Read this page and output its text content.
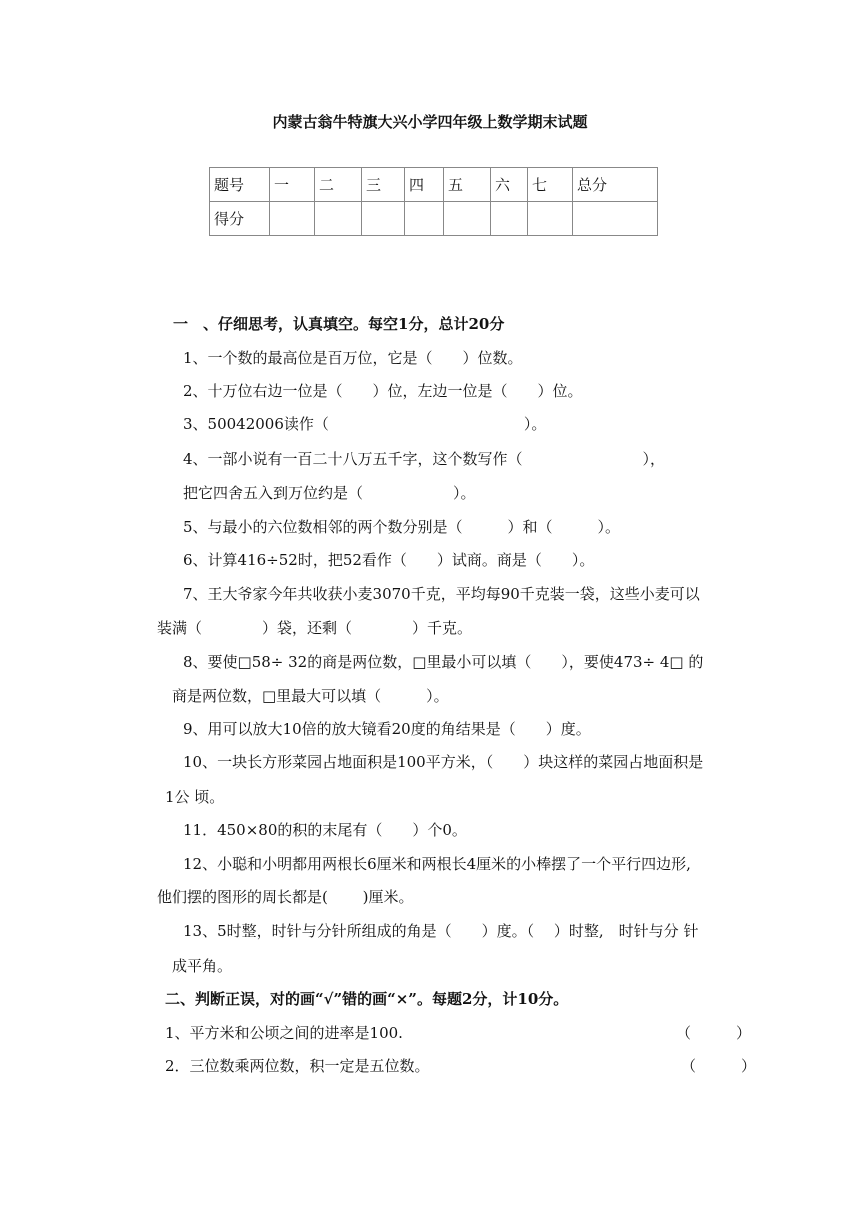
内蒙古翁牛特旗大兴小学四年级上数学期末试题
题号	一	二	三	四	五	六	七	总分
得分								
一　、仔细思考，认真填空。每空1分，总计20分
1、一个数的最高位是百万位，它是（　　）位数。
2、十万位右边一位是（　　）位，左边一位是（　　）位。
3、50042006读作（　　　　　　　　　　　　　）。
4、一部小说有一百二十八万五千字，这个数写作（　　　　　　　　），
把它四舍五入到万位约是（　　　　　　）。
5、与最小的六位数相邻的两个数分别是（　　　）和（　　　）。
6、计算416÷52时，把52看作（　　）试商。商是（　　）。
7、王大爷家今年共收获小麦3070千克，平均每90千克装一袋，这些小麦可以
装满（　　　　）袋，还剩（　　　　）千克。
8、要使□58÷ 32的商是两位数，□里最小可以填（　　），要使473÷ 4□ 的
商是两位数，□里最大可以填（　　　）。
9、用可以放大10倍的放大镜看20度的角结果是（　　）度。
10、一块长方形菜园占地面积是100平方米，（　　）块这样的菜园占地面积是
1公 顷。
11．450×80的积的末尾有（　　）个0。
12、小聪和小明都用两根长6厘米和两根长4厘米的小棒摆了一个平行四边形,
他们摆的图形的周长都是(　　 )厘米。
13、5时整，时针与分针所组成的角是（　　）度。（　 ）时整,　时针与分 针
成平角。
二、判断正误，对的画“√”错的画“×”。每题2分，计10分。
1、平方米和公顷之间的进率是100.	（　　　）
2．三位数乘两位数，积一定是五位数。	（　　　）
